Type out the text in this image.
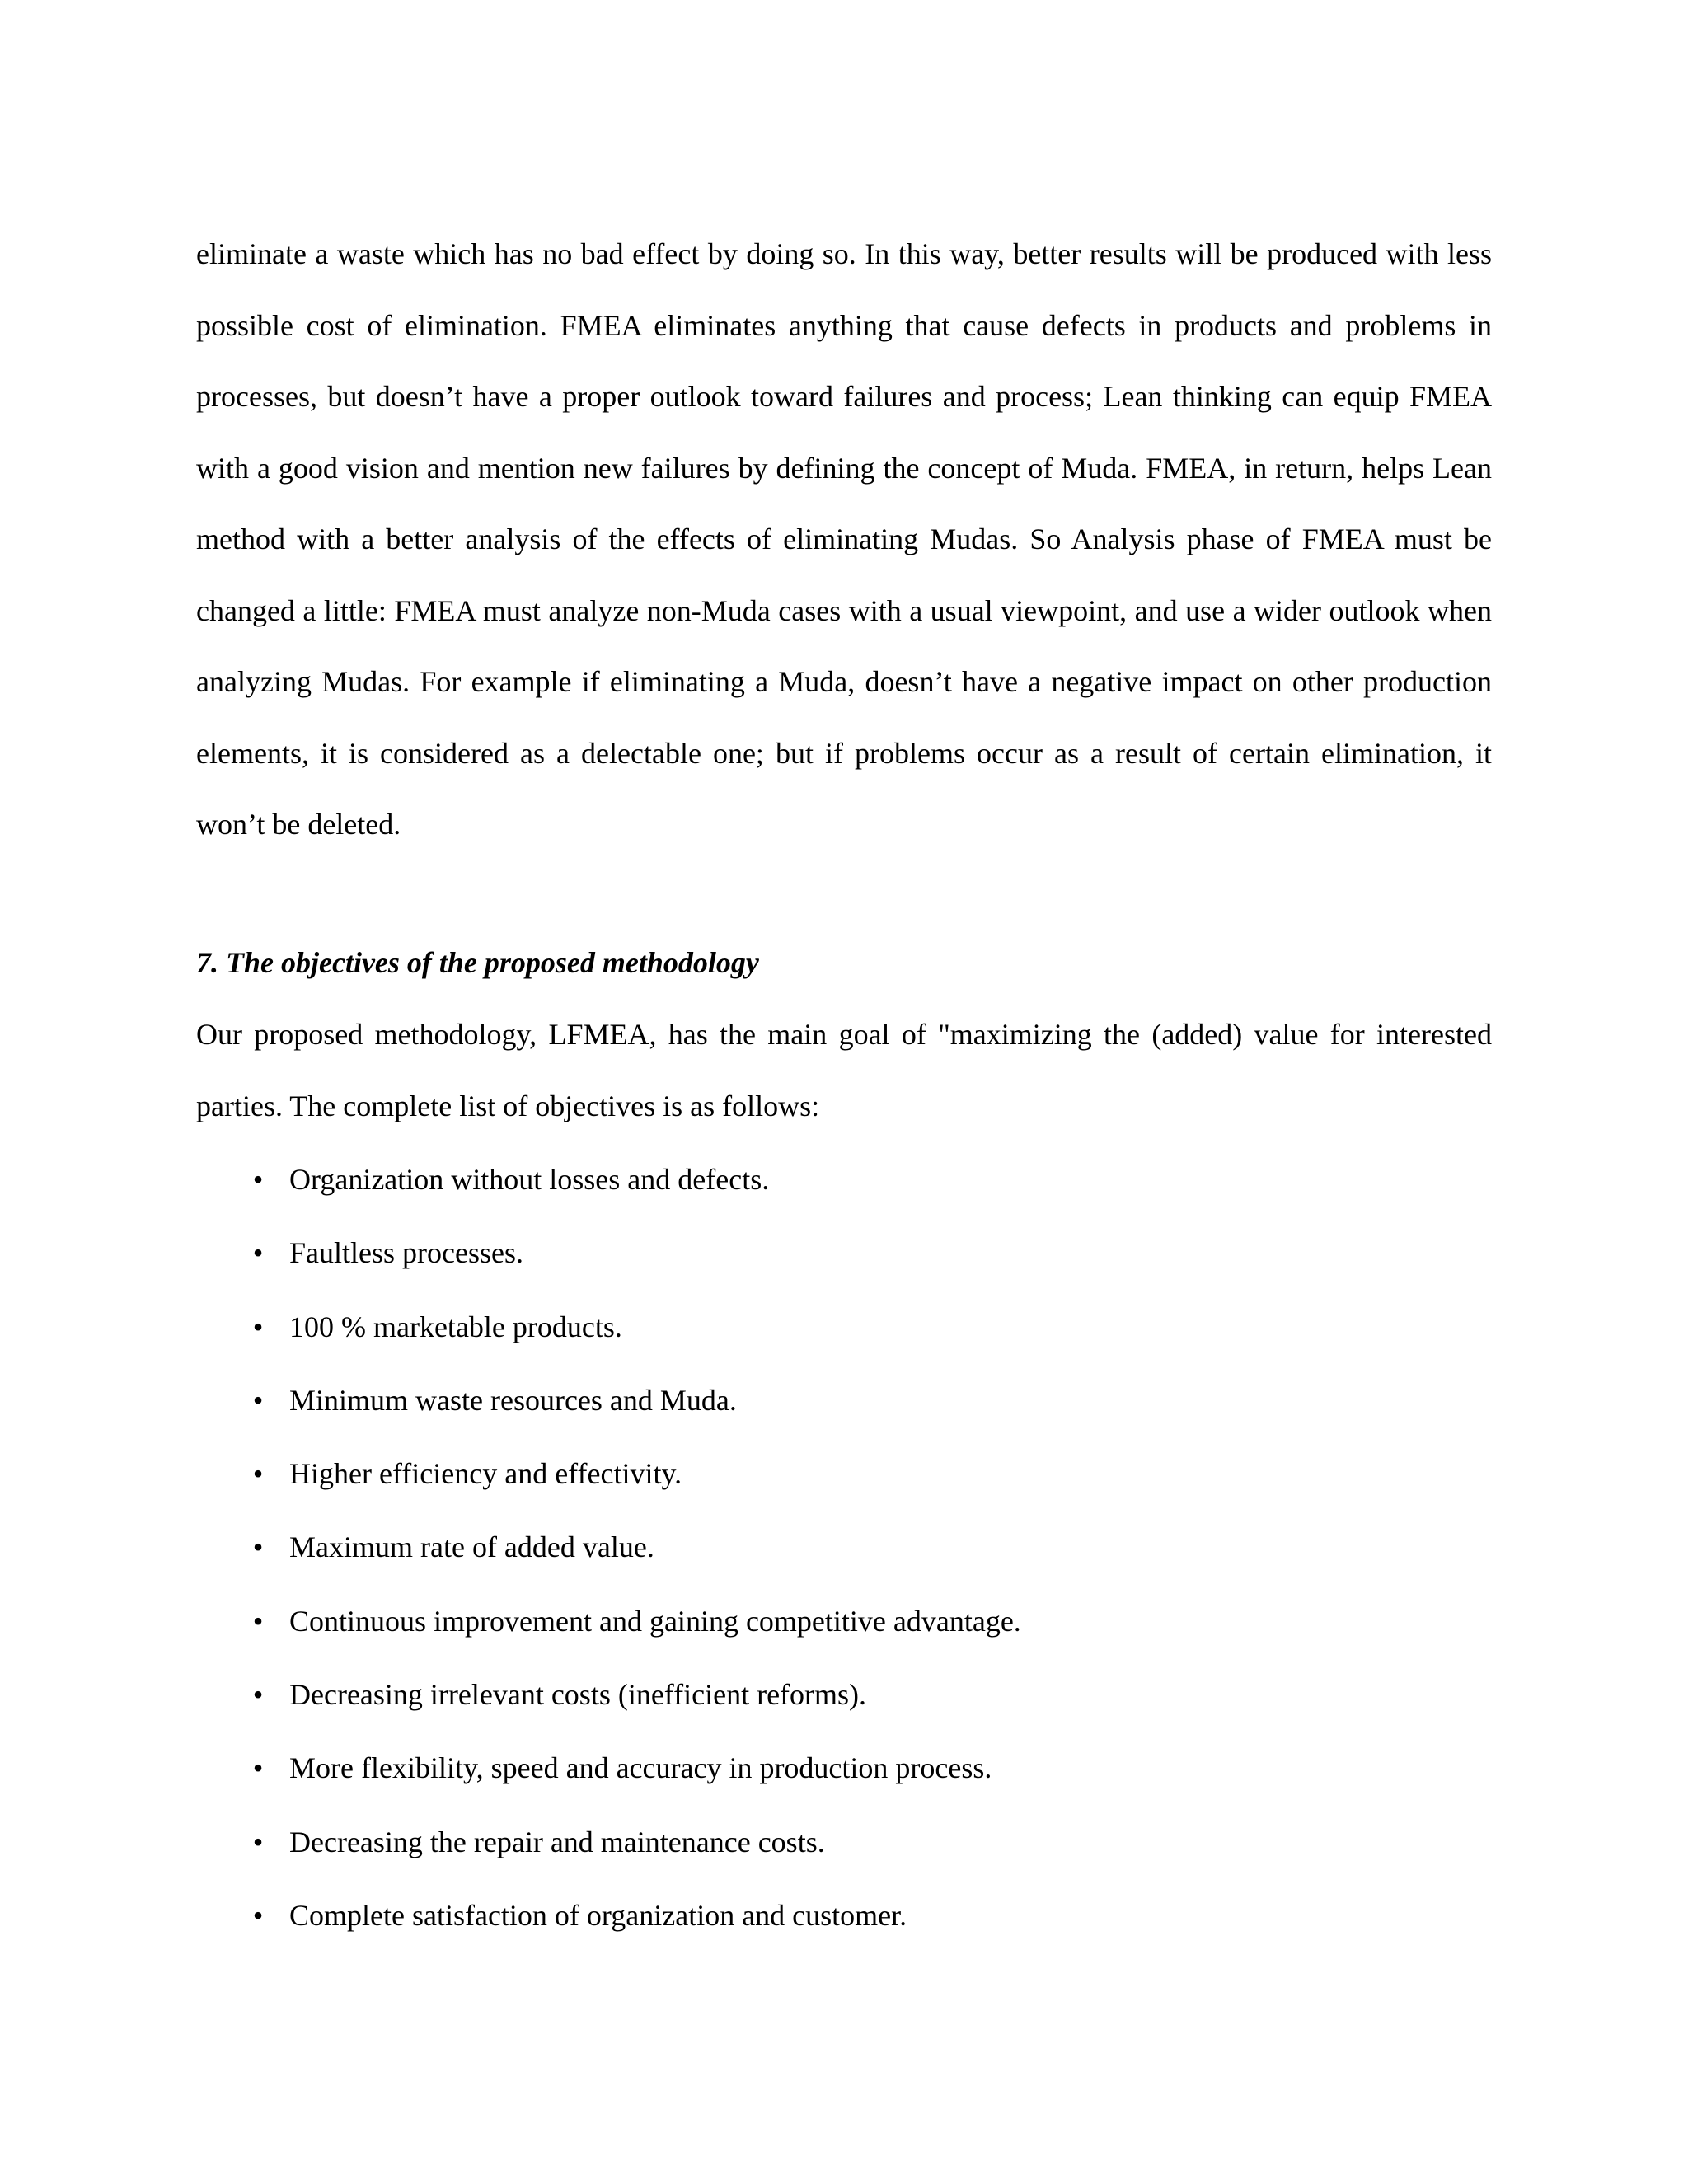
eliminate a waste which has no bad effect by doing so. In this way, better results will be produced with less possible cost of elimination. FMEA eliminates anything that cause defects in products and problems in processes, but doesn’t have a proper outlook toward failures and process; Lean thinking can equip FMEA with a good vision and mention new failures by defining the concept of Muda. FMEA, in return, helps Lean method with a better analysis of the effects of eliminating Mudas. So Analysis phase of FMEA must be changed a little: FMEA must analyze non-Muda cases with a usual viewpoint, and use a wider outlook when analyzing Mudas. For example if eliminating a Muda, doesn’t have a negative impact on other production elements, it is considered as a delectable one; but if problems occur as a result of certain elimination, it won’t be deleted.

7. The objectives of the proposed methodology

Our proposed methodology, LFMEA, has the main goal of "maximizing the (added) value for interested parties. The complete list of objectives is as follows:

• Organization without losses and defects.
• Faultless processes.
• 100 % marketable products.
• Minimum waste resources and Muda.
• Higher efficiency and effectivity.
• Maximum rate of added value.
• Continuous improvement and gaining competitive advantage.
• Decreasing irrelevant costs (inefficient reforms).
• More flexibility, speed and accuracy in production process.
• Decreasing the repair and maintenance costs.
• Complete satisfaction of organization and customer.
